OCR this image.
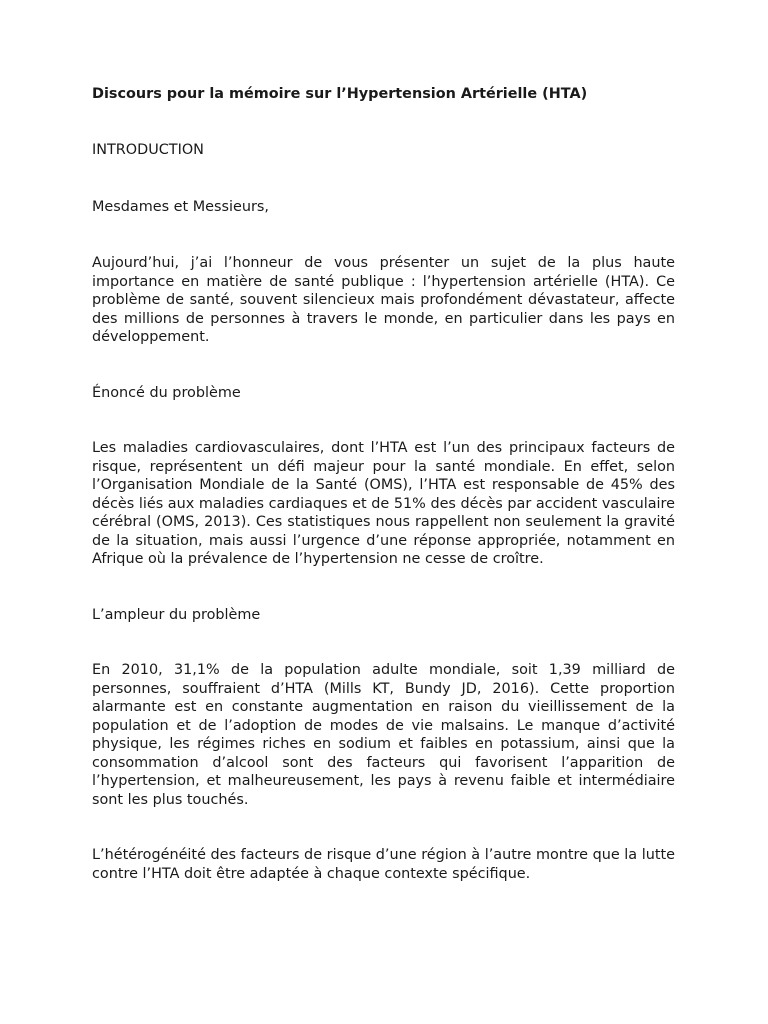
Discours pour la mémoire sur l’Hypertension Artérielle (HTA)

INTRODUCTION

Mesdames et Messieurs,

Aujourd’hui, j’ai l’honneur de vous présenter un sujet de la plus haute importance en matière de santé publique : l’hypertension artérielle (HTA). Ce problème de santé, souvent silencieux mais profondément dévastateur, affecte des millions de personnes à travers le monde, en particulier dans les pays en développement.

Énoncé du problème

Les maladies cardiovasculaires, dont l’HTA est l’un des principaux facteurs de risque, représentent un défi majeur pour la santé mondiale. En effet, selon l’Organisation Mondiale de la Santé (OMS), l’HTA est responsable de 45% des décès liés aux maladies cardiaques et de 51% des décès par accident vasculaire cérébral (OMS, 2013). Ces statistiques nous rappellent non seulement la gravité de la situation, mais aussi l’urgence d’une réponse appropriée, notamment en Afrique où la prévalence de l’hypertension ne cesse de croître.

L’ampleur du problème

En 2010, 31,1% de la population adulte mondiale, soit 1,39 milliard de personnes, souffraient d’HTA (Mills KT, Bundy JD, 2016). Cette proportion alarmante est en constante augmentation en raison du vieillissement de la population et de l’adoption de modes de vie malsains. Le manque d’activité physique, les régimes riches en sodium et faibles en potassium, ainsi que la consommation d’alcool sont des facteurs qui favorisent l’apparition de l’hypertension, et malheureusement, les pays à revenu faible et intermédiaire sont les plus touchés.

L’hétérogénéité des facteurs de risque d’une région à l’autre montre que la lutte contre l’HTA doit être adaptée à chaque contexte spécifique.
